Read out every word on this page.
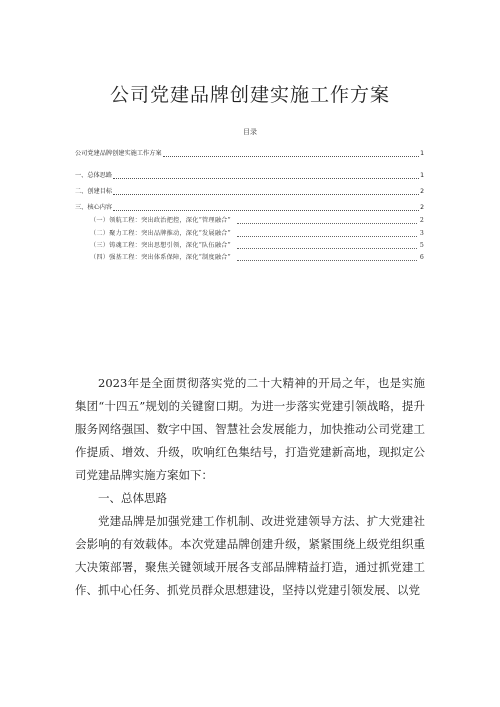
公司党建品牌创建实施工作方案
目录
公司党建品牌创建实施工作方案	1
一、总体思路	1
二、创建目标	2
三、核心内容	2
（一）领航工程：突出政治把控，深化“管理融合”	2
（二）聚力工程：突出品牌推动，深化“发展融合”	3
（三）铸魂工程：突出思想引领，深化“队伍融合”	5
（四）强基工程：突出体系保障，深化“制度融合”	6

2023年是全面贯彻落实党的二十大精神的开局之年，也是实施集团“十四五”规划的关键窗口期。为进一步落实党建引领战略，提升服务网络强国、数字中国、智慧社会发展能力，加快推动公司党建工作提质、增效、升级，吹响红色集结号，打造党建新高地，现拟定公司党建品牌实施方案如下：

一、总体思路

党建品牌是加强党建工作机制、改进党建领导方法、扩大党建社会影响的有效载体。本次党建品牌创建升级，紧紧围绕上级党组织重大决策部署，聚焦关键领域开展各支部品牌精益打造，通过抓党建工作、抓中心任务、抓党员群众思想建设，坚持以党建引领发展、以党
